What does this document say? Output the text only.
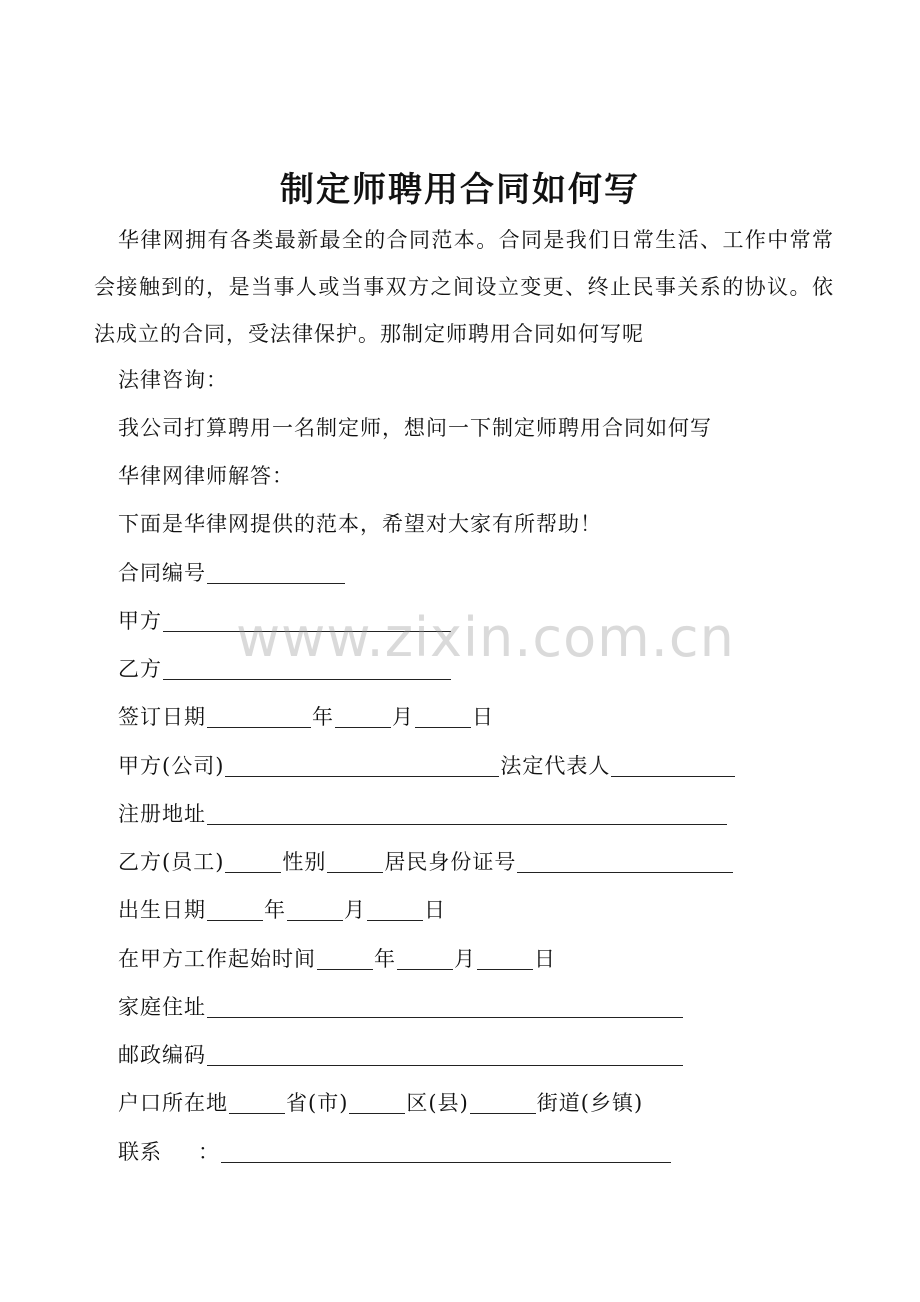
制定师聘用合同如何写
华律网拥有各类最新最全的合同范本。合同是我们日常生活、工作中常常会接触到的，是当事人或当事双方之间设立变更、终止民事关系的协议。依法成立的合同，受法律保护。那制定师聘用合同如何写呢
法律咨询：
我公司打算聘用一名制定师，想问一下制定师聘用合同如何写
华律网律师解答：
下面是华律网提供的范本，希望对大家有所帮助！
合同编号
甲方
乙方
签订日期	年	月	日
甲方(公司)	法定代表人
注册地址
乙方(员工)	性别	居民身份证号
出生日期	年	月	日
在甲方工作起始时间	年	月	日
家庭住址
邮政编码
户口所在地	省(市)	区(县)	街道(乡镇)
联系 ：
www.zixin.com.cn
